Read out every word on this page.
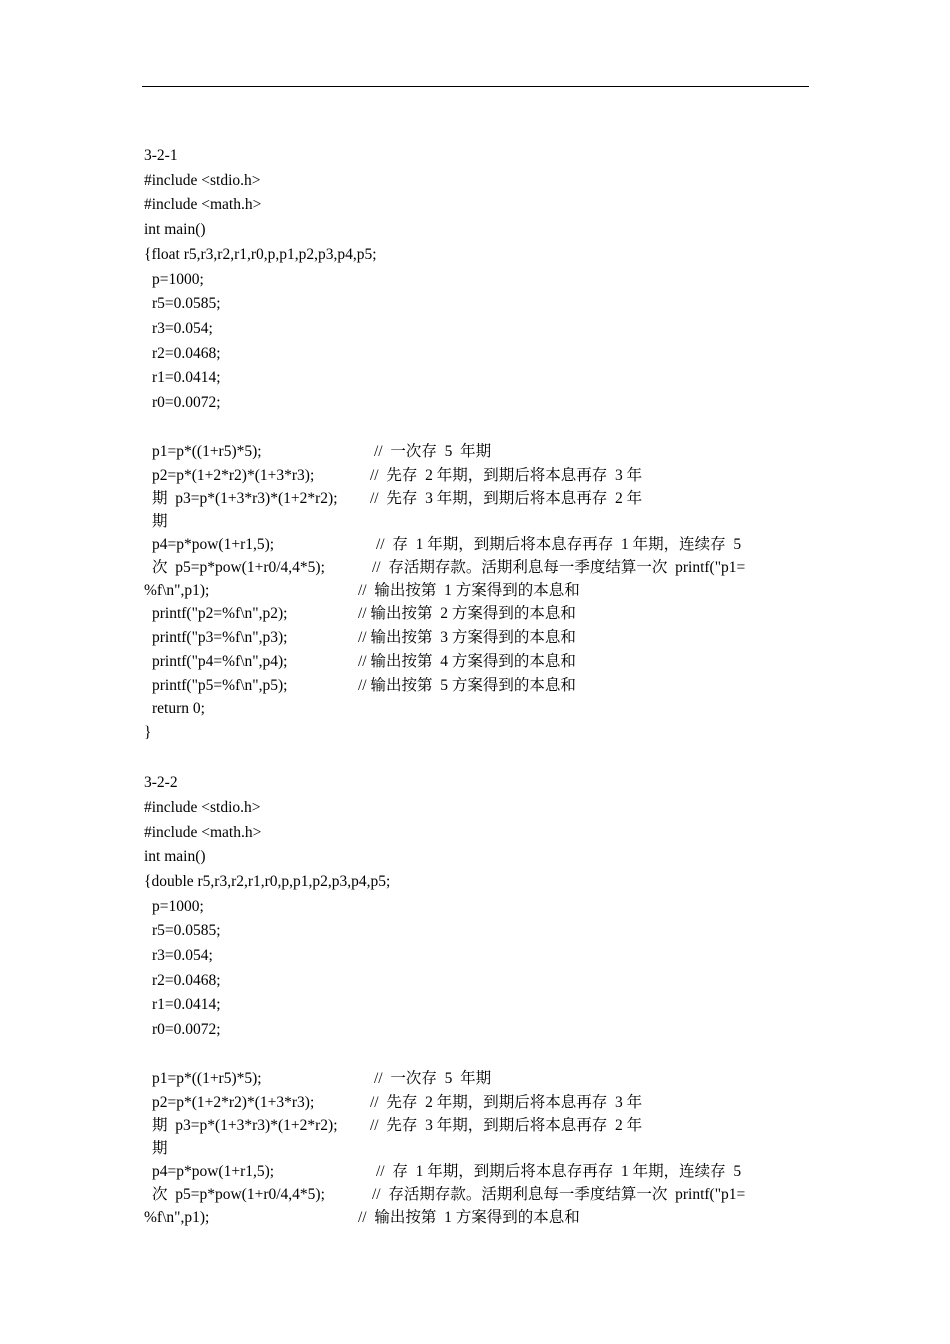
3-2-1
#include <stdio.h>
#include <math.h>
int main()
{float r5,r3,r2,r1,r0,p,p1,p2,p3,p4,p5;
p=1000;
r5=0.0585;
r3=0.054;
r2=0.0468;
r1=0.0414;
r0=0.0072;
p1=p*((1+r5)*5);	//  一次存  5  年期
p2=p*(1+2*r2)*(1+3*r3);	//  先存  2 年期，到期后将本息再存  3 年
期  p3=p*(1+3*r3)*(1+2*r2); //  先存  3 年期，到期后将本息再存  2 年
期
p4=p*pow(1+r1,5);	//  存  1 年期，到期后将本息存再存  1 年期，连续存  5
次  p5=p*pow(1+r0/4,4*5);	//  存活期存款。活期利息每一季度结算一次  printf("p1=
%f\n",p1);	//  输出按第  1 方案得到的本息和
printf("p2=%f\n",p2);	// 输出按第  2 方案得到的本息和
printf("p3=%f\n",p3);	// 输出按第  3 方案得到的本息和
printf("p4=%f\n",p4);	// 输出按第  4 方案得到的本息和
printf("p5=%f\n",p5);	// 输出按第  5 方案得到的本息和
return 0;
}
3-2-2
#include <stdio.h>
#include <math.h>
int main()
{double r5,r3,r2,r1,r0,p,p1,p2,p3,p4,p5;
p=1000;
r5=0.0585;
r3=0.054;
r2=0.0468;
r1=0.0414;
r0=0.0072;
p1=p*((1+r5)*5);	//  一次存  5  年期
p2=p*(1+2*r2)*(1+3*r3);	//  先存  2 年期，到期后将本息再存  3 年
期  p3=p*(1+3*r3)*(1+2*r2); //  先存  3 年期，到期后将本息再存  2 年
期
p4=p*pow(1+r1,5);	//  存  1 年期，到期后将本息存再存  1 年期，连续存  5
次  p5=p*pow(1+r0/4,4*5);	//  存活期存款。活期利息每一季度结算一次  printf("p1=
%f\n",p1);	//  输出按第  1 方案得到的本息和
